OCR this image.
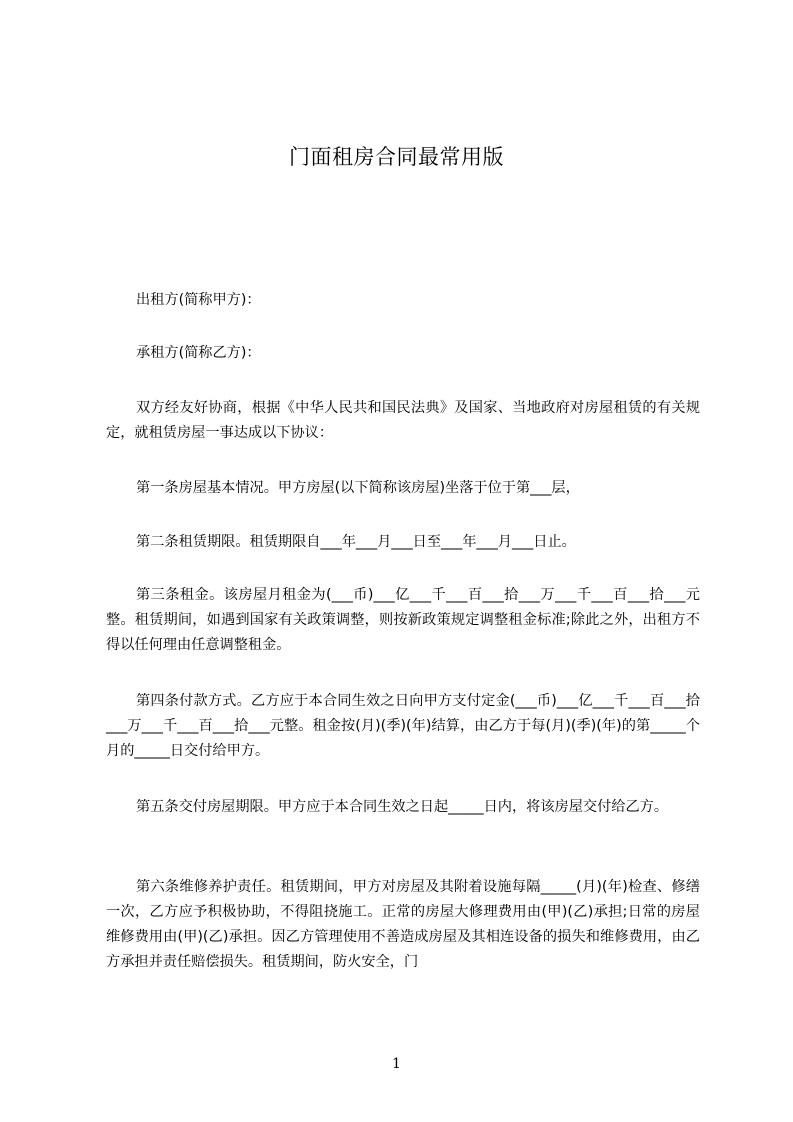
门面租房合同最常用版

出租方(简称甲方)：

承租方(简称乙方)：

双方经友好协商，根据《中华人民共和国民法典》及国家、当地政府对房屋租赁的有关规定，就租赁房屋一事达成以下协议：

第一条房屋基本情况。甲方房屋(以下简称该房屋)坐落于位于第___层，

第二条租赁期限。租赁期限自___年___月___日至___年___月___日止。

第三条租金。该房屋月租金为(___币)___亿___千___百___拾___万___千___百___拾___元整。租赁期间，如遇到国家有关政策调整，则按新政策规定调整租金标准;除此之外，出租方不得以任何理由任意调整租金。

第四条付款方式。乙方应于本合同生效之日向甲方支付定金(___币)___亿___千___百___拾___万___千___百___拾___元整。租金按(月)(季)(年)结算，由乙方于每(月)(季)(年)的第_____个月的_____日交付给甲方。

第五条交付房屋期限。甲方应于本合同生效之日起_____日内，将该房屋交付给乙方。

第六条维修养护责任。租赁期间，甲方对房屋及其附着设施每隔_____(月)(年)检查、修缮一次，乙方应予积极协助，不得阻挠施工。正常的房屋大修理费用由(甲)(乙)承担;日常的房屋维修费用由(甲)(乙)承担。因乙方管理使用不善造成房屋及其相连设备的损失和维修费用，由乙方承担并责任赔偿损失。租赁期间，防火安全，门

1
